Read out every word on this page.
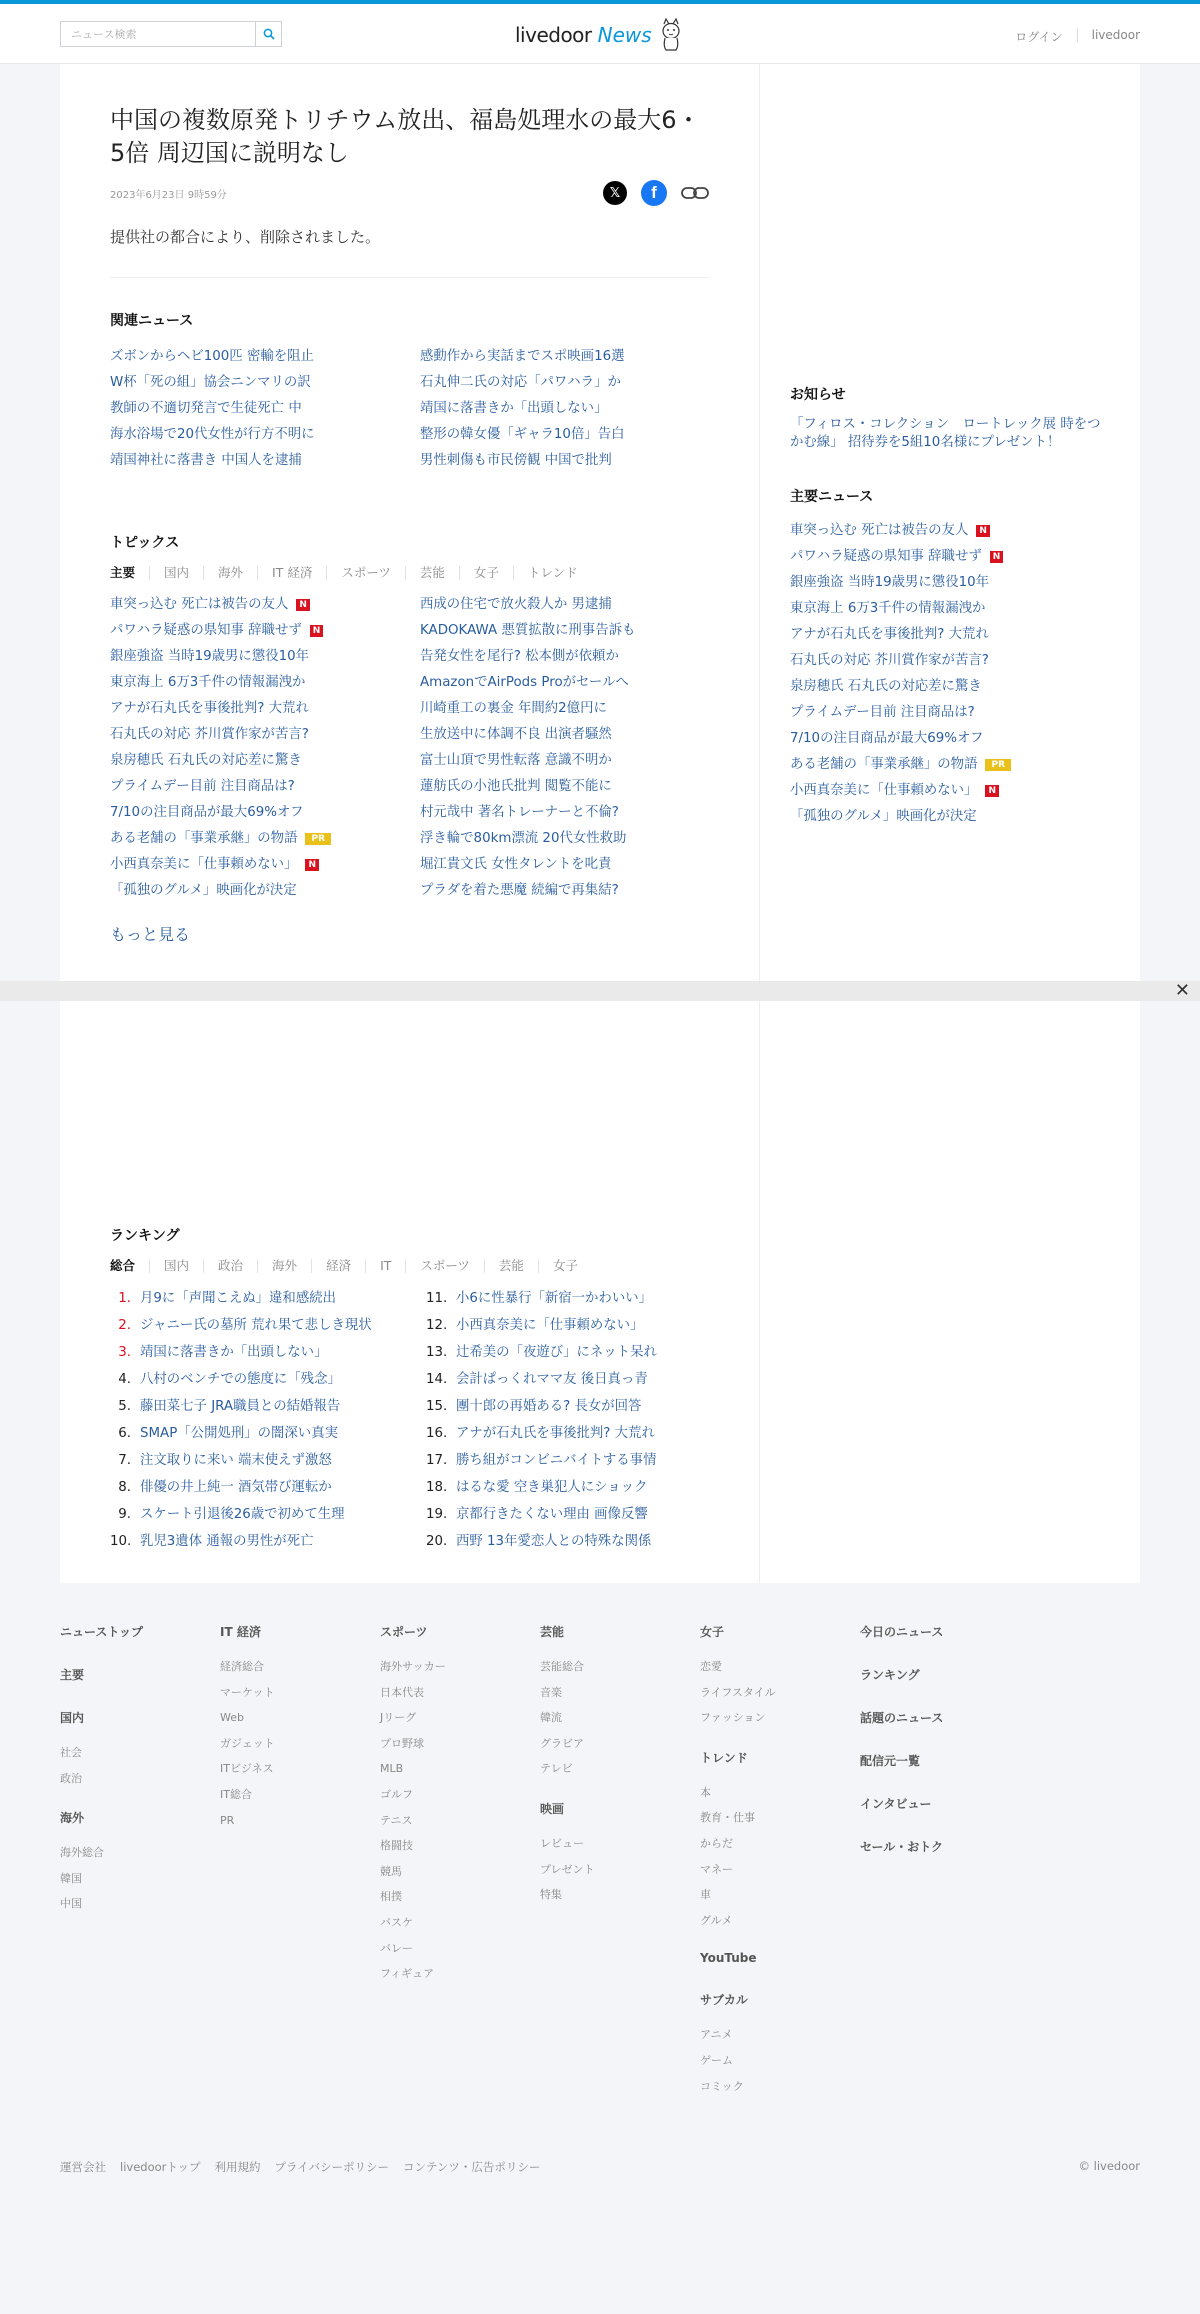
ニュース検索
livedoor News	ログイン livedoor
中国の複数原発トリチウム放出、福島処理水の最大6・5倍 周辺国に説明なし
2023年6月23日 9時59分	𝕏	f

提供社の都合により、削除されました。

関連ニュース
ズボンからヘビ100匹 密輸を阻止
W杯「死の組」協会ニンマリの訳
教師の不適切発言で生徒死亡 中
海水浴場で20代女性が行方不明に
靖国神社に落書き 中国人を逮捕
感動作から実話までスポ映画16選
石丸伸二氏の対応「パワハラ」か
靖国に落書きか「出頭しない」
整形の韓女優「ギャラ10倍」告白
男性刺傷も市民傍観 中国で批判
トピックス
主要	国内	海外	IT 経済	スポーツ	芸能	女子	トレンド
車突っ込む 死亡は被告の友人 N
パワハラ疑惑の県知事 辞職せず N
銀座強盗 当時19歳男に懲役10年
東京海上 6万3千件の情報漏洩か
アナが石丸氏を事後批判? 大荒れ
石丸氏の対応 芥川賞作家が苦言?
泉房穂氏 石丸氏の対応差に驚き
プライムデー目前 注目商品は?
7/10の注目商品が最大69%オフ
ある老舗の「事業承継」の物語 PR
小西真奈美に「仕事頼めない」 N
「孤独のグルメ」映画化が決定
西成の住宅で放火殺人か 男逮捕
KADOKAWA 悪質拡散に刑事告訴も
告発女性を尾行? 松本側が依頼か
AmazonでAirPods Proがセールへ
川崎重工の裏金 年間約2億円に
生放送中に体調不良 出演者騒然
富士山頂で男性転落 意識不明か
蓮舫氏の小池氏批判 閲覧不能に
村元哉中 著名トレーナーと不倫?
浮き輪で80km漂流 20代女性救助
堀江貴文氏 女性タレントを叱責
プラダを着た悪魔 続編で再集結?
もっと見る
お知らせ
「フィロス・コレクション　ロートレック展 時をつかむ線」 招待券を5組10名様にプレゼント！
主要ニュース
車突っ込む 死亡は被告の友人 N
パワハラ疑惑の県知事 辞職せず N
銀座強盗 当時19歳男に懲役10年
東京海上 6万3千件の情報漏洩か
アナが石丸氏を事後批判? 大荒れ
石丸氏の対応 芥川賞作家が苦言?
泉房穂氏 石丸氏の対応差に驚き
プライムデー目前 注目商品は?
7/10の注目商品が最大69%オフ
ある老舗の「事業承継」の物語 PR
小西真奈美に「仕事頼めない」 N
「孤独のグルメ」映画化が決定
✕
ランキング
総合	国内	政治	海外	経済	IT	スポーツ	芸能	女子
1. 月9に「声聞こえぬ」違和感続出
2. ジャニー氏の墓所 荒れ果て悲しき現状
3. 靖国に落書きか「出頭しない」
4. 八村のベンチでの態度に「残念」
5. 藤田菜七子 JRA職員との結婚報告
6. SMAP「公開処刑」の闇深い真実
7. 注文取りに来い 端末使えず激怒
8. 俳優の井上純一 酒気帯び運転か
9. スケート引退後26歳で初めて生理
10. 乳児3遺体 通報の男性が死亡
11. 小6に性暴行「新宿一かわいい」
12. 小西真奈美に「仕事頼めない」
13. 辻希美の「夜遊び」にネット呆れ
14. 会計ぱっくれママ友 後日真っ青
15. 團十郎の再婚ある? 長女が回答
16. アナが石丸氏を事後批判? 大荒れ
17. 勝ち組がコンビニバイトする事情
18. はるな愛 空き巣犯人にショック
19. 京都行きたくない理由 画像反響
20. 西野 13年愛恋人との特殊な関係
ニューストップ
主要
国内
社会
政治
海外
海外総合
韓国
中国
IT 経済
経済総合
マーケット
Web
ガジェット
ITビジネス
IT総合
PR
スポーツ
海外サッカー
日本代表
Jリーグ
プロ野球
MLB
ゴルフ
テニス
格闘技
競馬
相撲
バスケ
バレー
フィギュア
芸能
芸能総合
音楽
韓流
グラビア
テレビ
映画
レビュー
プレゼント
特集
女子
恋愛
ライフスタイル
ファッション
トレンド
本
教育・仕事
からだ
マネー
車
グルメ
YouTube
サブカル
アニメ
ゲーム
コミック
今日のニュース
ランキング
話題のニュース
配信元一覧
インタビュー
セール・おトク
運営会社 livedoorトップ 利用規約 プライバシーポリシー コンテンツ・広告ポリシー	© livedoor
